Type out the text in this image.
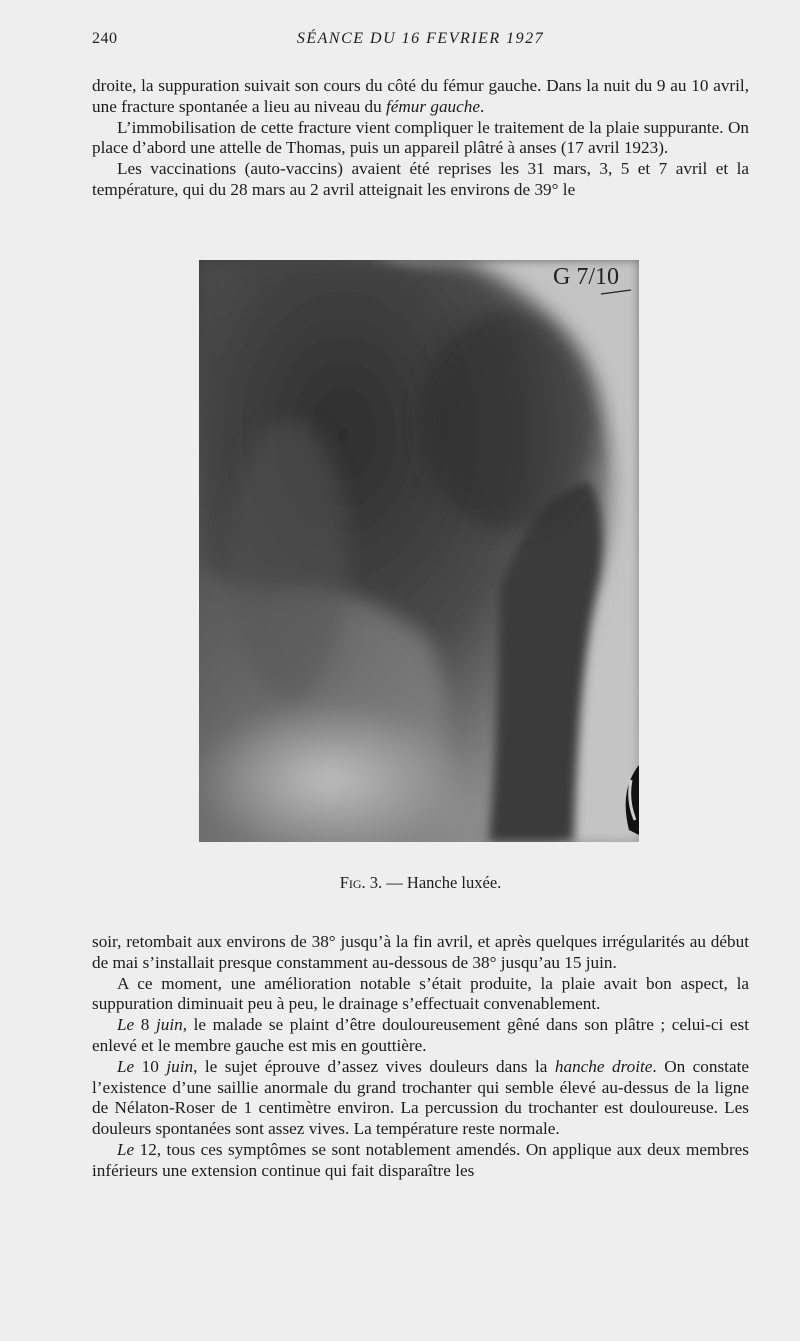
240	SÉANCE DU 16 FEVRIER 1927

droite, la suppuration suivait son cours du côté du fémur gauche. Dans la nuit du 9 au 10 avril, une fracture spontanée a lieu au niveau du fémur gauche.

L’immobilisation de cette fracture vient compliquer le traitement de la plaie suppurante. On place d’abord une attelle de Thomas, puis un appareil plâtré à anses (17 avril 1923).

Les vaccinations (auto-vaccins) avaient été reprises les 31 mars, 3, 5 et 7 avril et la température, qui du 28 mars au 2 avril atteignait les environs de 39° le

G 7/10
Fig. 3. — Hanche luxée.

soir, retombait aux environs de 38° jusqu’à la fin avril, et après quelques irrégularités au début de mai s’installait presque constamment au-dessous de 38° jusqu’au 15 juin.

A ce moment, une amélioration notable s’était produite, la plaie avait bon aspect, la suppuration diminuait peu à peu, le drainage s’effectuait convenablement.

Le 8 juin, le malade se plaint d’être douloureusement gêné dans son plâtre ; celui-ci est enlevé et le membre gauche est mis en gouttière.

Le 10 juin, le sujet éprouve d’assez vives douleurs dans la hanche droite. On constate l’existence d’une saillie anormale du grand trochanter qui semble élevé au-dessus de la ligne de Nélaton-Roser de 1 centimètre environ. La percussion du trochanter est douloureuse. Les douleurs spontanées sont assez vives. La température reste normale.

Le 12, tous ces symptômes se sont notablement amendés. On applique aux deux membres inférieurs une extension continue qui fait disparaître les
